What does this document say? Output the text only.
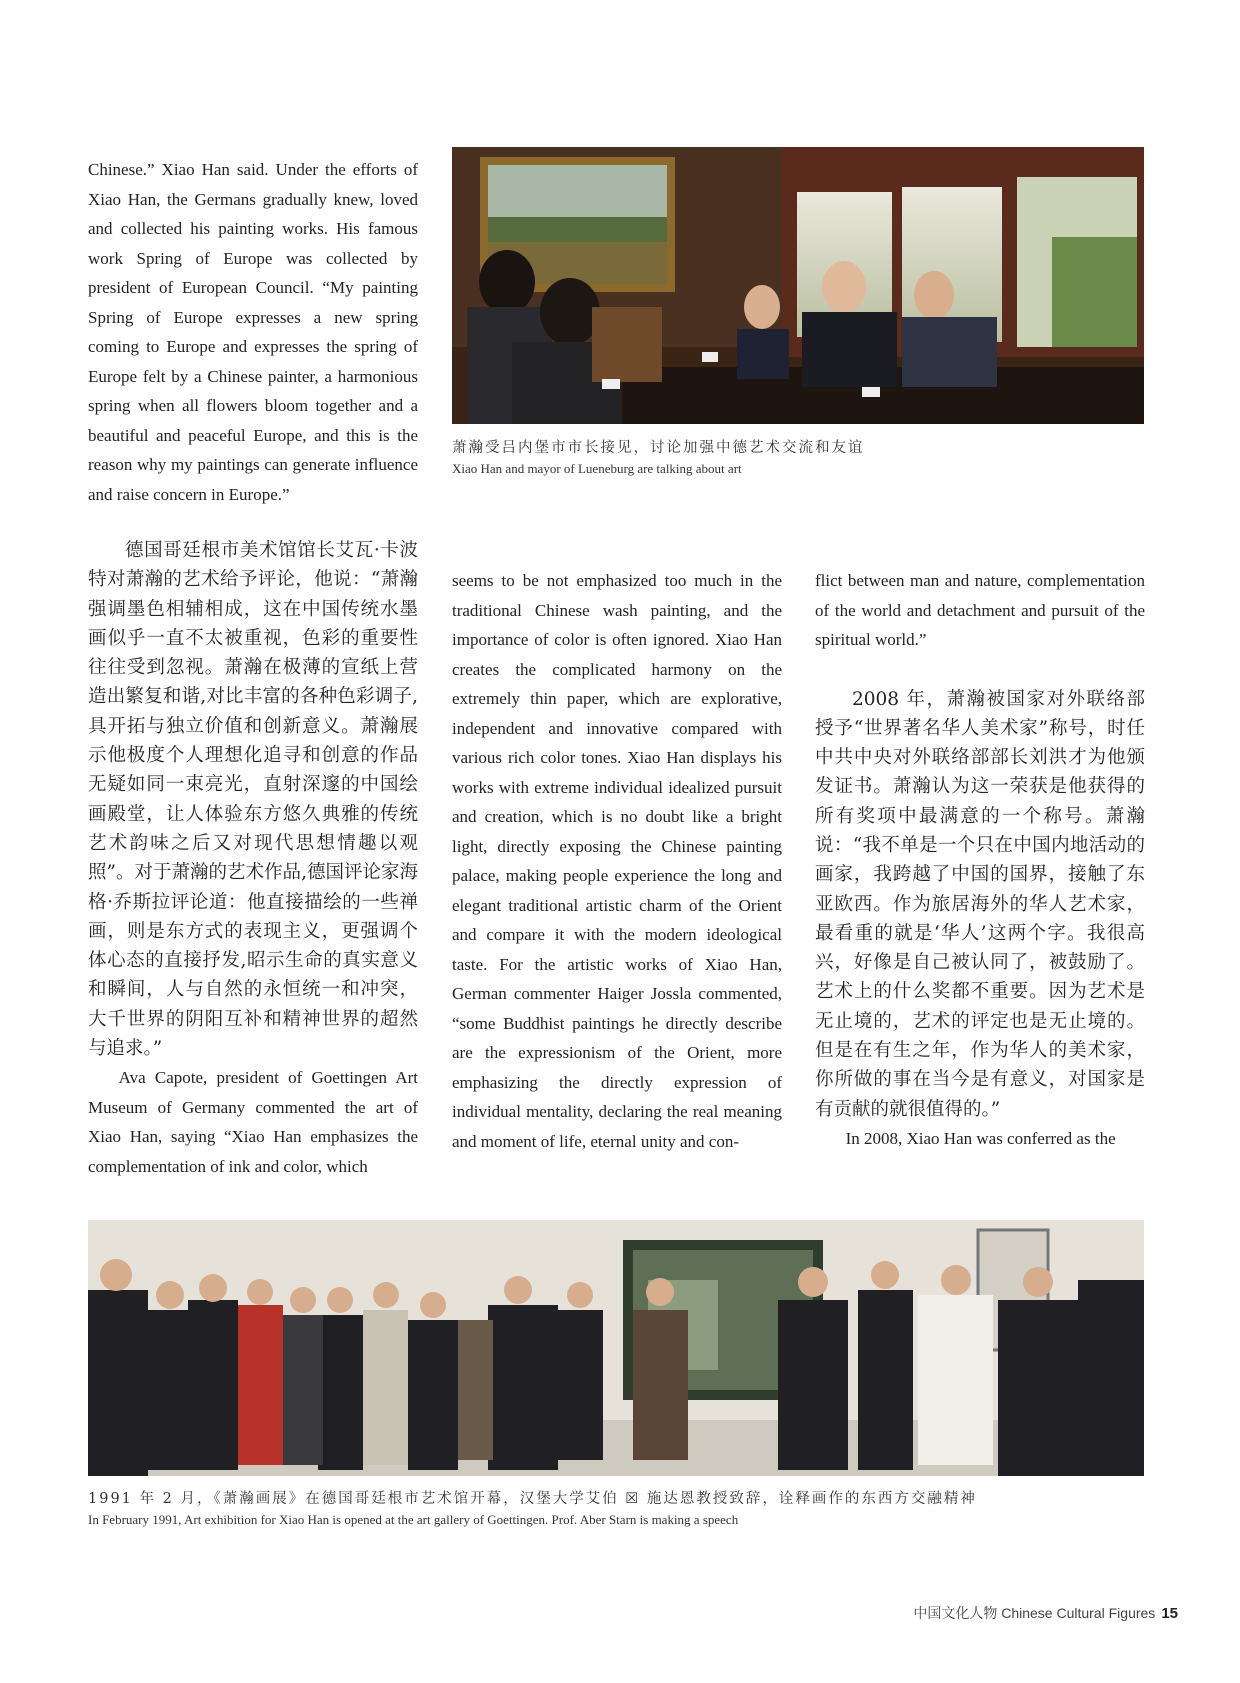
Chinese.” Xiao Han said. Under the efforts of Xiao Han, the Germans gradually knew, loved and collected his painting works. His famous work Spring of Europe was collected by president of European Council. “My painting Spring of Europe expresses a new spring coming to Europe and expresses the spring of Europe felt by a Chinese painter, a harmonious spring when all flowers bloom together and a beautiful and peaceful Europe, and this is the reason why my paintings can generate influence and raise concern in Europe.”

萧瀚受吕内堡市市长接见，讨论加强中德艺术交流和友谊
Xiao Han and mayor of Lueneburg are talking about art

德国哥廷根市美术馆馆长艾瓦·卡波特对萧瀚的艺术给予评论，他说：“萧瀚强调墨色相辅相成，这在中国传统水墨画似乎一直不太被重视，色彩的重要性往往受到忽视。萧瀚在极薄的宣纸上营造出繁复和谐,对比丰富的各种色彩调子,具开拓与独立价值和创新意义。萧瀚展示他极度个人理想化追寻和创意的作品无疑如同一束亮光，直射深邃的中国绘画殿堂，让人体验东方悠久典雅的传统艺术韵味之后又对现代思想情趣以观照”。对于萧瀚的艺术作品,德国评论家海格·乔斯拉评论道：他直接描绘的一些禅画，则是东方式的表现主义，更强调个体心态的直接抒发,昭示生命的真实意义和瞬间，人与自然的永恒统一和冲突，大千世界的阴阳互补和精神世界的超然与追求。”

Ava Capote, president of Goettingen Art Museum of Germany commented the art of Xiao Han, saying “Xiao Han emphasizes the complementation of ink and color, which

seems to be not emphasized too much in the traditional Chinese wash painting, and the importance of color is often ignored. Xiao Han creates the complicated harmony on the extremely thin paper, which are explorative, independent and innovative compared with various rich color tones. Xiao Han displays his works with extreme individual idealized pursuit and creation, which is no doubt like a bright light, directly exposing the Chinese painting palace, making people experience the long and elegant traditional artistic charm of the Orient and compare it with the modern ideological taste. For the artistic works of Xiao Han, German commenter Haiger Jossla commented, “some Buddhist paintings he directly describe are the expressionism of the Orient, more emphasizing the directly expression of individual mentality, declaring the real meaning and moment of life, eternal unity and con-

flict between man and nature, complementation of the world and detachment and pursuit of the spiritual world.”

2008 年，萧瀚被国家对外联络部授予“世界著名华人美术家”称号，时任中共中央对外联络部部长刘洪才为他颁发证书。萧瀚认为这一荣获是他获得的所有奖项中最满意的一个称号。萧瀚说：“我不单是一个只在中国内地活动的画家，我跨越了中国的国界，接触了东亚欧西。作为旅居海外的华人艺术家，最看重的就是‘华人’这两个字。我很高兴，好像是自己被认同了，被鼓励了。艺术上的什么奖都不重要。因为艺术是无止境的，艺术的评定也是无止境的。但是在有生之年，作为华人的美术家，你所做的事在当今是有意义，对国家是有贡献的就很值得的。”

In 2008, Xiao Han was conferred as the

1991 年 2 月，《萧瀚画展》在德国哥廷根市艺术馆开幕，汉堡大学艾伯 ☒ 施达恩教授致辞，诠释画作的东西方交融精神
In February 1991, Art exhibition for Xiao Han is opened at the art gallery of Goettingen. Prof. Aber Starn is making a speech
中国文化人物 Chinese Cultural Figures 15
